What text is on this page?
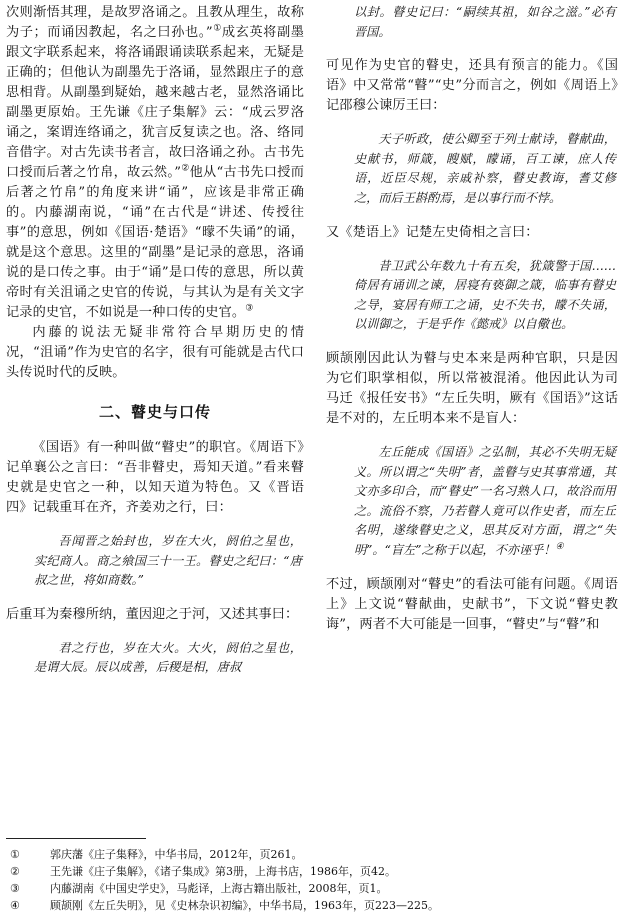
次则渐悟其理，是故罗洛诵之。且教从理生，故称为子；而诵因教起，名之曰孙也。”①成玄英将副墨跟文字联系起来，将洛诵跟诵读联系起来，无疑是正确的；但他认为副墨先于洛诵，显然跟庄子的意思相背。从副墨到疑始，越来越古老，显然洛诵比副墨更原始。王先谦《庄子集解》云：“成云罗洛诵之，案谓连络诵之，犹言反复读之也。洛、络同音借字。对古先读书者言，故曰洛诵之孙。古书先口授而后著之竹帛，故云然。”②他从“古书先口授而后著之竹帛”的角度来讲“诵”，应该是非常正确的。内藤湖南说，“诵”在古代是“讲述、传授往事”的意思，例如《国语·楚语》“曚不失诵”的诵，就是这个意思。这里的“副墨”是记录的意思，洛诵说的是口传之事。由于“诵”是口传的意思，所以黄帝时有关沮诵之史官的传说，与其认为是有关文字记录的史官，不如说是一种口传的史官。③

内藤的说法无疑非常符合早期历史的情况，“沮诵”作为史官的名字，很有可能就是古代口头传说时代的反映。

二、瞽史与口传

《国语》有一种叫做“瞽史”的职官。《周语下》记单襄公之言曰：“吾非瞽史，焉知天道。”看来瞽史就是史官之一种，以知天道为特色。又《晋语四》记载重耳在齐，齐姜劝之行，曰：

吾闻晋之始封也，岁在大火，阏伯之星也，实纪商人。商之飨国三十一王。瞽史之纪曰：“唐叔之世，将如商数。”

后重耳为秦穆所纳，董因迎之于河，又述其事曰：

君之行也，岁在大火。大火，阏伯之星也，是谓大辰。辰以成善，后稷是相，唐叔

以封。瞽史记曰：“嗣续其祖，如谷之滋。”必有晋国。

可见作为史官的瞽史，还具有预言的能力。《国语》中又常常“瞽”“史”分而言之，例如《周语上》记邵穆公谏厉王曰：

天子听政，使公卿至于列士献诗，瞽献曲，史献书，师箴，瞍赋，矇诵，百工谏，庶人传语，近臣尽规，亲戚补察，瞽史教诲，耆艾修之，而后王斟酌焉，是以事行而不悖。

又《楚语上》记楚左史倚相之言曰：

昔卫武公年数九十有五矣，犹箴警于国……倚居有诵训之谏，居寝有亵御之箴，临事有瞽史之导，宴居有师工之诵，史不失书，矇不失诵，以训御之，于是乎作《懿戒》以自儆也。

顾颉刚因此认为瞽与史本来是两种官职，只是因为它们职掌相似，所以常被混淆。他因此认为司马迁《报任安书》“左丘失明，厥有《国语》”这话是不对的，左丘明本来不是盲人：

左丘能成《国语》之弘制，其必不失明无疑义。所以谓之“失明”者，盖瞽与史其事常通，其文亦多印合，而“瞽史”一名习熟人口，故浴而用之。流俗不察，乃若瞽人竟可以作史者，而左丘名明，遂缘瞽史之义，思其反对方面，谓之“失明”。“盲左”之称于以起，不亦诬乎！④

不过，顾颉刚对“瞽史”的看法可能有问题。《周语上》上文说“瞽献曲，史献书”，下文说“瞽史教诲”，两者不大可能是一回事，“瞽史”与“瞽”和

①	郭庆藩《庄子集释》，中华书局，2012年，页261。
②	王先谦《庄子集解》，《诸子集成》第3册，上海书店，1986年，页42。
③	内藤湖南《中国史学史》，马彪译，上海古籍出版社，2008年，页1。
④	顾颉刚《左丘失明》，见《史林杂识初编》，中华书局，1963年，页223—225。
